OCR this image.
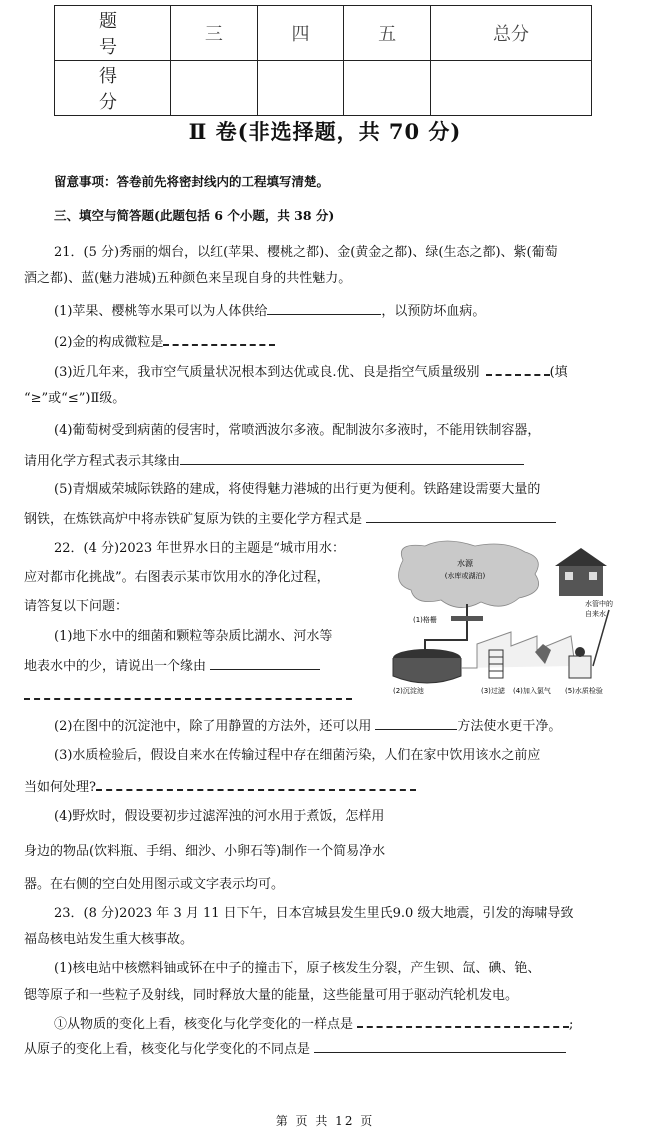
题 号	三	四	五	总分
得 分				
Ⅱ 卷(非选择题，共 70 分)
留意事项：答卷前先将密封线内的工程填写清楚。
三、填空与简答题(此题包括 6 个小题，共 38 分)
21．(5 分)秀丽的烟台，以红(苹果、樱桃之都)、金(黄金之都)、绿(生态之都)、紫(葡萄
酒之都)、蓝(魅力港城)五种颜色来呈现自身的共性魅力。
(1)苹果、樱桃等水果可以为人体供给	，以预防坏血病。
(2)金的构成微粒是
(3)近几年来，我市空气质量状况根本到达优或良.优、良是指空气质量级别	(填
“≥”或“≤”)Ⅱ级。
(4)葡萄树受到病菌的侵害时，常喷洒波尔多液。配制波尔多液时，不能用铁制容器，
请用化学方程式表示其缘由
(5)青烟威荣城际铁路的建成，将使得魅力港城的出行更为便利。铁路建设需要大量的
钢铁，在炼铁高炉中将赤铁矿复原为铁的主要化学方程式是
22．(4 分)2023 年世界水日的主题是“城市用水：
应对都市化挑战”。右图表示某市饮用水的净化过程，
请答复以下问题：
(1)地下水中的细菌和颗粒等杂质比湖水、河水等
地表水中的少，请说出一个缘由
水源
(水库或湖泊)
(1)格栅
(2)沉淀池	(3)过滤 (4)加入氯气 (5)水质检验
水管中的
自来水
(2)在图中的沉淀池中，除了用静置的方法外，还可以用	方法使水更干净。
(3)水质检验后，假设自来水在传输过程中存在细菌污染，人们在家中饮用该水之前应
当如何处理?
(4)野炊时，假设要初步过滤浑浊的河水用于煮饭，怎样用
身边的物品(饮料瓶、手绢、细沙、小卵石等)制作一个简易净水
器。在右侧的空白处用图示或文字表示均可。
23．(8 分)2023 年 3 月 11 日下午，日本宫城县发生里氏9.0 级大地震，引发的海啸导致
福岛核电站发生重大核事故。
(1)核电站中核燃料铀或钚在中子的撞击下，原子核发生分裂，产生钡、氙、碘、铯、
锶等原子和一些粒子及射线，同时释放大量的能量，这些能量可用于驱动汽轮机发电。
①从物质的变化上看，核变化与化学变化的一样点是	;
从原子的变化上看，核变化与化学变化的不同点是
第 页 共 12 页
